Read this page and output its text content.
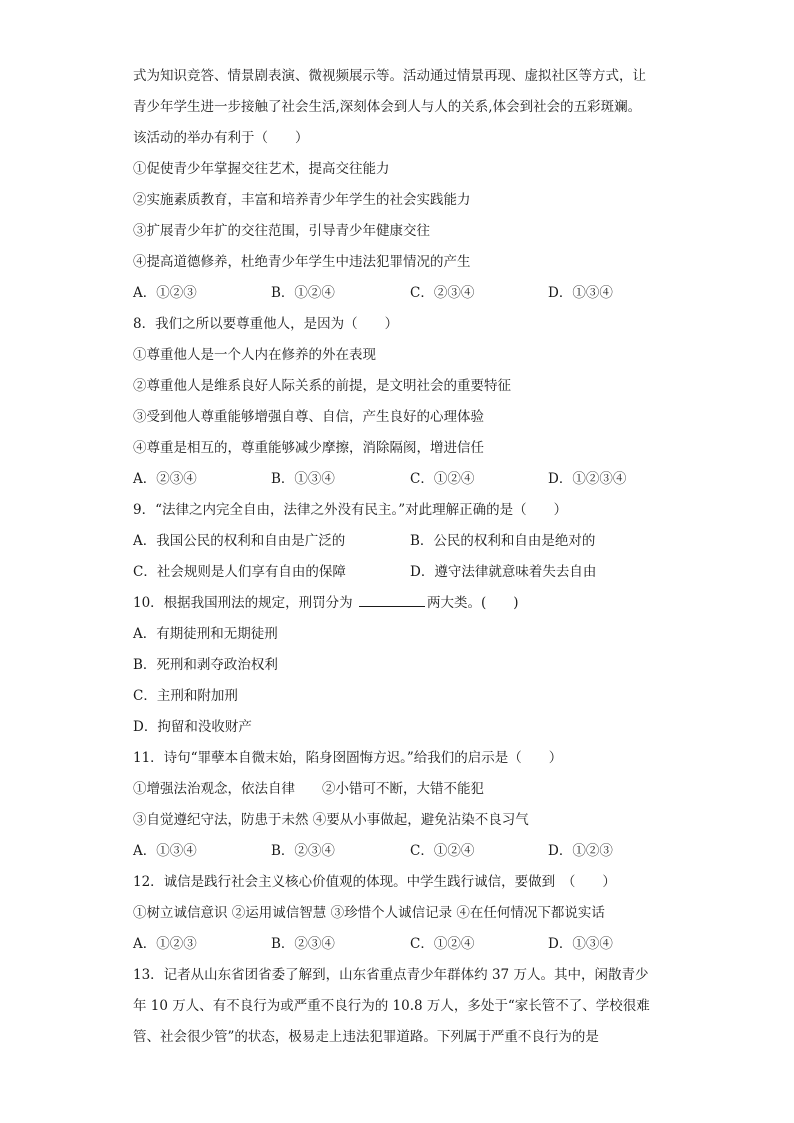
式为知识竞答、情景剧表演、微视频展示等。活动通过情景再现、虚拟社区等方式，让
青少年学生进一步接触了社会生活,深刻体会到人与人的关系,体会到社会的五彩斑斓。
该活动的举办有利于（　　）
①促使青少年掌握交往艺术，提高交往能力
②实施素质教育，丰富和培养青少年学生的社会实践能力
③扩展青少年扩的交往范围，引导青少年健康交往
④提高道德修养，杜绝青少年学生中违法犯罪情况的产生
A．①②③	B．①②④	C．②③④	D．①③④
8．我们之所以要尊重他人，是因为（　　）
①尊重他人是一个人内在修养的外在表现
②尊重他人是维系良好人际关系的前提，是文明社会的重要特征
③受到他人尊重能够增强自尊、自信，产生良好的心理体验
④尊重是相互的，尊重能够减少摩擦，消除隔阂，增进信任
A．②③④	B．①③④	C．①②④	D．①②③④
9．“法律之内完全自由，法律之外没有民主。”对此理解正确的是（　　）
A．我国公民的权利和自由是广泛的	B．公民的权利和自由是绝对的
C．社会规则是人们享有自由的保障	D．遵守法律就意味着失去自由
10．根据我国刑法的规定，刑罚分为	两大类。(　　)
A．有期徒刑和无期徒刑
B．死刑和剥夺政治权利
C．主刑和附加刑
D．拘留和没收财产
11．诗句“罪孽本自微末始，陷身囹圄悔方迟。”给我们的启示是（　　）
①增强法治观念，依法自律　　②小错可不断，大错不能犯
③自觉遵纪守法，防患于未然 ④要从小事做起，避免沾染不良习气
A．①③④	B．②③④	C．①②④	D．①②③
12．诚信是践行社会主义核心价值观的体现。中学生践行诚信，要做到　（　　）
①树立诚信意识 ②运用诚信智慧 ③珍惜个人诚信记录 ④在任何情况下都说实话
A．①②③	B．②③④	C．①②④	D．①③④
13．记者从山东省团省委了解到，山东省重点青少年群体约 37 万人。其中，闲散青少
年 10 万人、有不良行为或严重不良行为的 10.8 万人，多处于“家长管不了、学校很难
管、社会很少管”的状态，极易走上违法犯罪道路。下列属于严重不良行为的是
